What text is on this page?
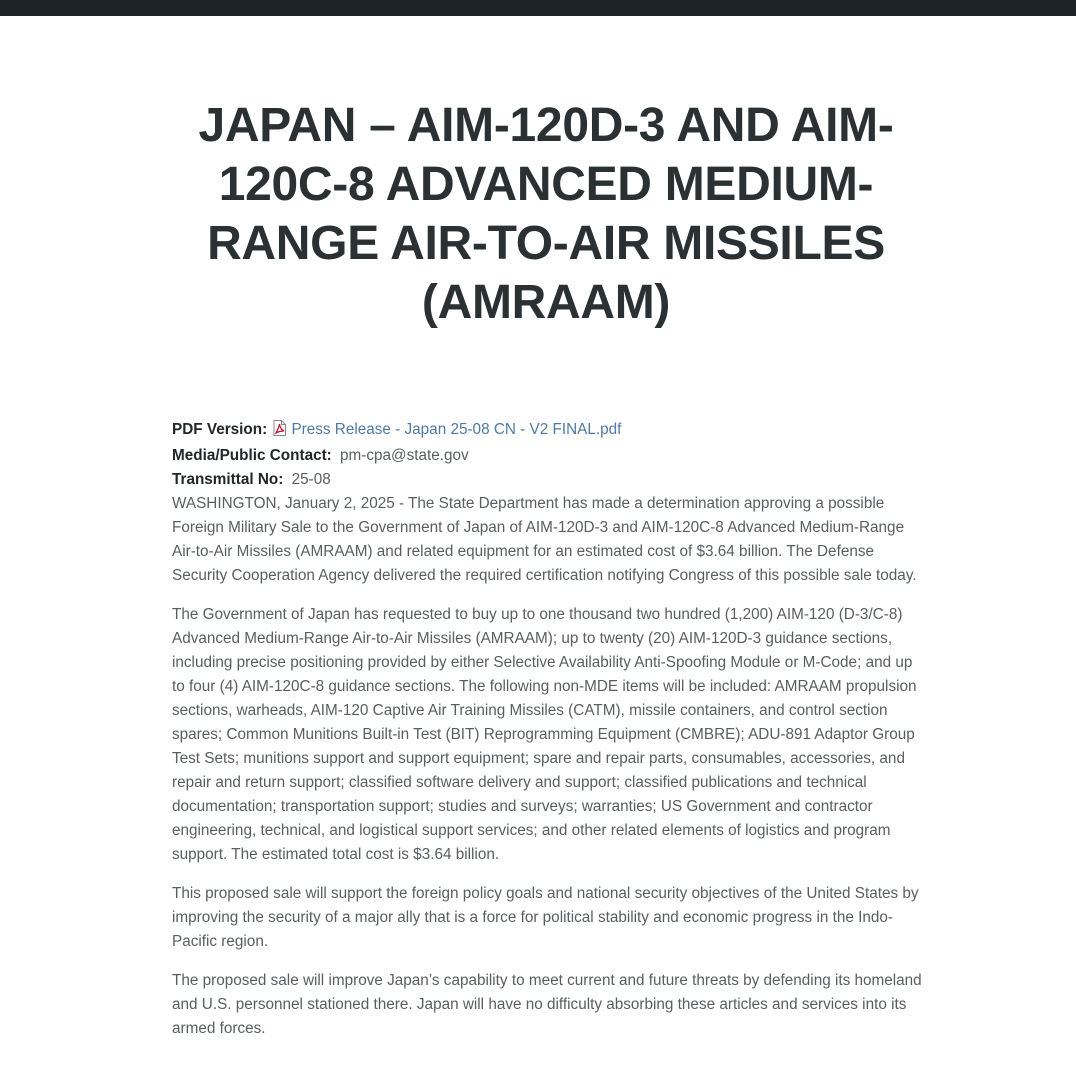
JAPAN – AIM-120D-3 AND AIM-120C-8 ADVANCED MEDIUM-RANGE AIR-TO-AIR MISSILES (AMRAAM)
PDF Version: Press Release - Japan 25-08 CN - V2 FINAL.pdf
Media/Public Contact: pm-cpa@state.gov
Transmittal No: 25-08

WASHINGTON, January 2, 2025 - The State Department has made a determination approving a possible Foreign Military Sale to the Government of Japan of AIM-120D-3 and AIM-120C-8 Advanced Medium-Range Air-to-Air Missiles (AMRAAM) and related equipment for an estimated cost of $3.64 billion. The Defense Security Cooperation Agency delivered the required certification notifying Congress of this possible sale today.

The Government of Japan has requested to buy up to one thousand two hundred (1,200) AIM-120 (D-3/C-8) Advanced Medium-Range Air-to-Air Missiles (AMRAAM); up to twenty (20) AIM-120D-3 guidance sections, including precise positioning provided by either Selective Availability Anti-Spoofing Module or M-Code; and up to four (4) AIM-120C-8 guidance sections. The following non-MDE items will be included: AMRAAM propulsion sections, warheads, AIM-120 Captive Air Training Missiles (CATM), missile containers, and control section spares; Common Munitions Built-in Test (BIT) Reprogramming Equipment (CMBRE); ADU-891 Adaptor Group Test Sets; munitions support and support equipment; spare and repair parts, consumables, accessories, and repair and return support; classified software delivery and support; classified publications and technical documentation; transportation support; studies and surveys; warranties; US Government and contractor engineering, technical, and logistical support services; and other related elements of logistics and program support. The estimated total cost is $3.64 billion.

This proposed sale will support the foreign policy goals and national security objectives of the United States by improving the security of a major ally that is a force for political stability and economic progress in the Indo-Pacific region.

The proposed sale will improve Japan’s capability to meet current and future threats by defending its homeland and U.S. personnel stationed there. Japan will have no difficulty absorbing these articles and services into its armed forces.
